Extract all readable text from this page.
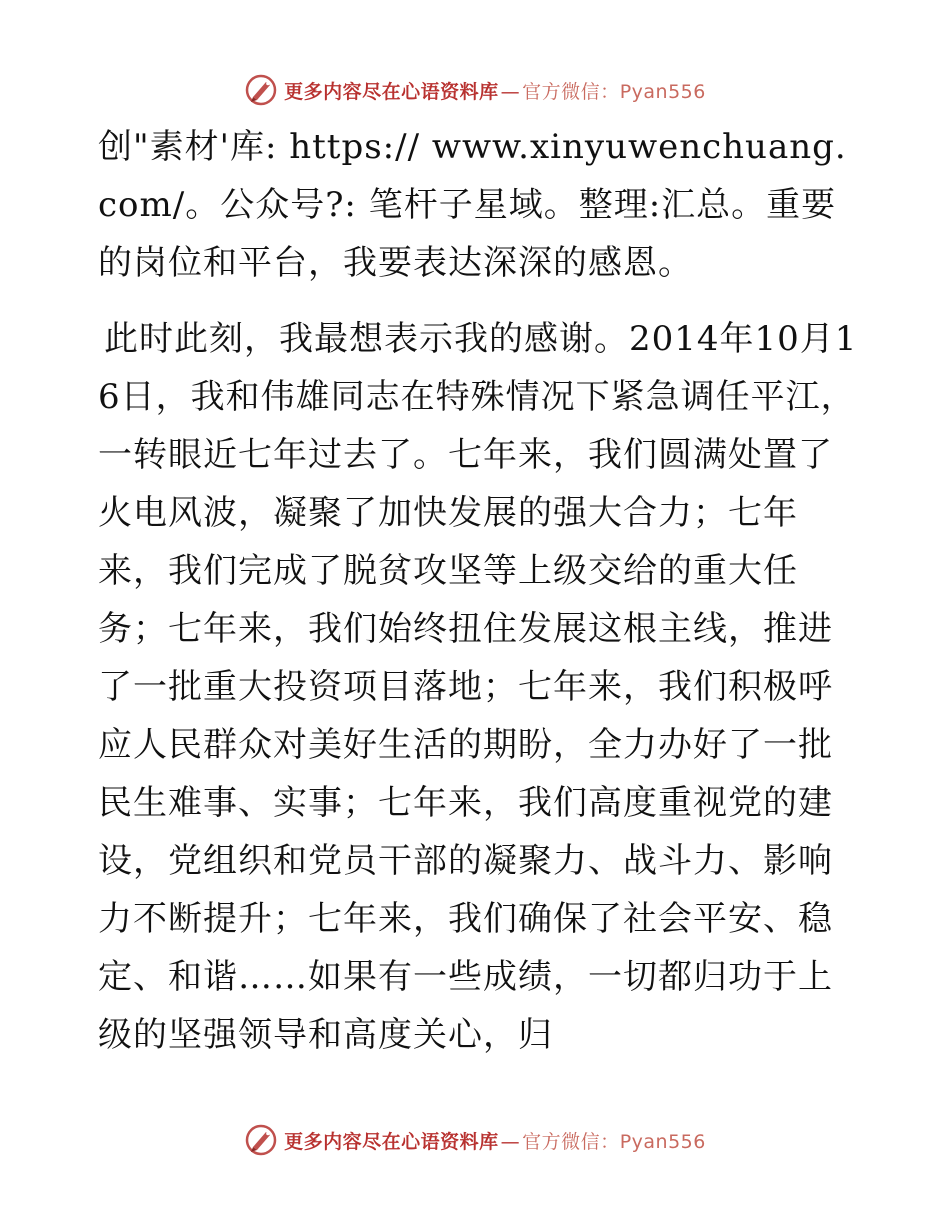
更多内容尽在心语资料库 — 官方微信：Pyan556

创"素材'库: https:// www.xinyuwenchuang.com/。公众号?: 笔杆子星域。整理:汇总。重要的岗位和平台，我要表达深深的感恩。

此时此刻，我最想表示我的感谢。2014年10月16日，我和伟雄同志在特殊情况下紧急调任平江，一转眼近七年过去了。七年来，我们圆满处置了火电风波，凝聚了加快发展的强大合力；七年来，我们完成了脱贫攻坚等上级交给的重大任务；七年来，我们始终扭住发展这根主线，推进了一批重大投资项目落地；七年来，我们积极呼应人民群众对美好生活的期盼，全力办好了一批民生难事、实事；七年来，我们高度重视党的建设，党组织和党员干部的凝聚力、战斗力、影响力不断提升；七年来，我们确保了社会平安、稳定、和谐……如果有一些成绩，一切都归功于上级的坚强领导和高度关心，归

更多内容尽在心语资料库 — 官方微信：Pyan556
